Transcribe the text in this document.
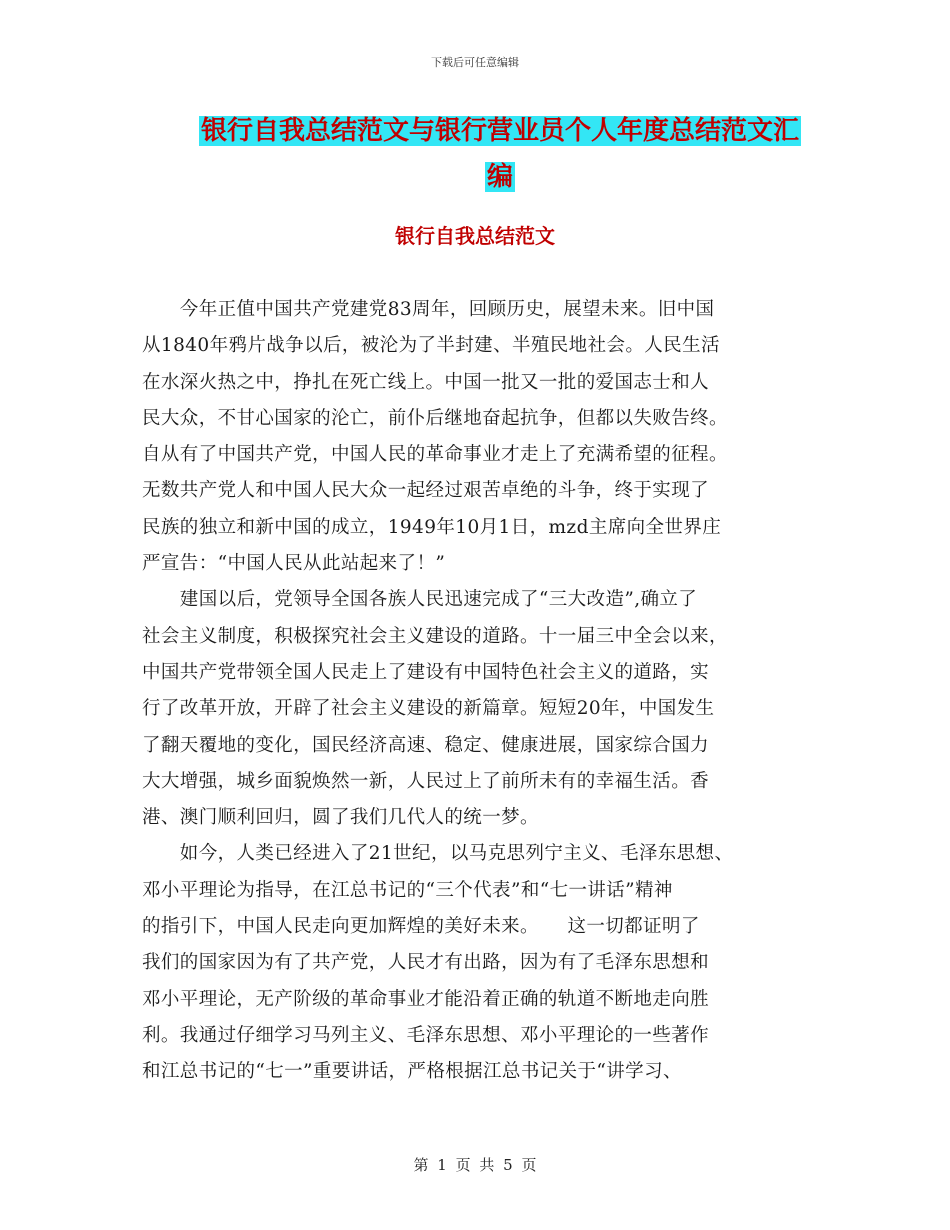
下载后可任意编辑
银行自我总结范文与银行营业员个人年度总结范文汇
编
银行自我总结范文
　　今年正值中国共产党建党83周年，回顾历史，展望未来。旧中国
从1840年鸦片战争以后，被沦为了半封建、半殖民地社会。人民生活
在水深火热之中，挣扎在死亡线上。中国一批又一批的爱国志士和人
民大众，不甘心国家的沦亡，前仆后继地奋起抗争，但都以失败告终。
自从有了中国共产党，中国人民的革命事业才走上了充满希望的征程。
无数共产党人和中国人民大众一起经过艰苦卓绝的斗争，终于实现了
民族的独立和新中国的成立，1949年10月1日，mzd主席向全世界庄
严宣告：“中国人民从此站起来了！”
　　建国以后，党领导全国各族人民迅速完成了“三大改造”,确立了
社会主义制度，积极探究社会主义建设的道路。十一届三中全会以来，
中国共产党带领全国人民走上了建设有中国特色社会主义的道路，实
行了改革开放，开辟了社会主义建设的新篇章。短短20年，中国发生
了翻天覆地的变化，国民经济高速、稳定、健康进展，国家综合国力
大大增强，城乡面貌焕然一新，人民过上了前所未有的幸福生活。香
港、澳门顺利回归，圆了我们几代人的统一梦。
　　如今，人类已经进入了21世纪，以马克思列宁主义、毛泽东思想、
邓小平理论为指导，在江总书记的“三个代表”和“七一讲话”精神
的指引下，中国人民走向更加辉煌的美好未来。　　这一切都证明了
我们的国家因为有了共产党，人民才有出路，因为有了毛泽东思想和
邓小平理论，无产阶级的革命事业才能沿着正确的轨道不断地走向胜
利。我通过仔细学习马列主义、毛泽东思想、邓小平理论的一些著作
和江总书记的“七一”重要讲话，严格根据江总书记关于“讲学习、
第 1 页 共 5 页
